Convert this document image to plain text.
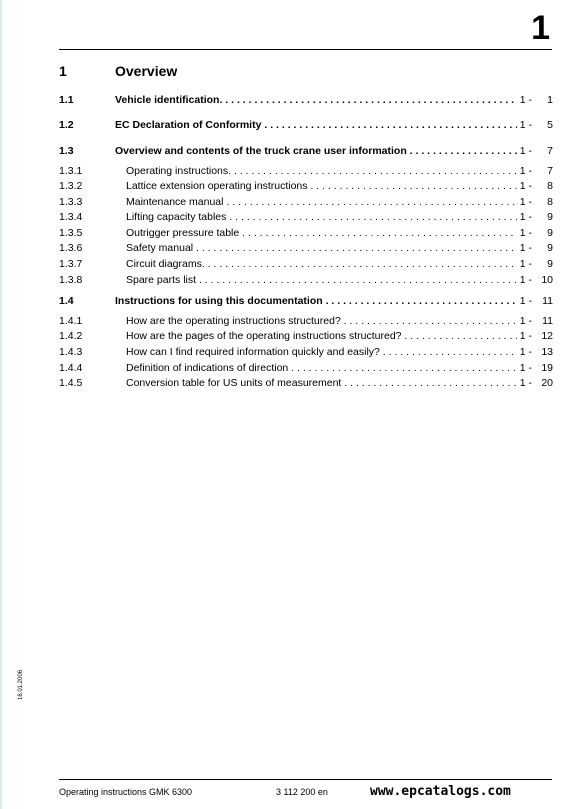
1
1	Overview
1.1	Vehicle identification. . . .	1 - 1
1.2	EC Declaration of Conformity . . .	1 - 5
1.3	Overview and contents of the truck crane user information . . .	1 - 7
1.3.1	Operating instructions. . . .	1 - 7
1.3.2	Lattice extension operating instructions . . .	1 - 8
1.3.3	Maintenance manual . . .	1 - 8
1.3.4	Lifting capacity tables . . .	1 - 9
1.3.5	Outrigger pressure table . . .	1 - 9
1.3.6	Safety manual . . .	1 - 9
1.3.7	Circuit diagrams. . . .	1 - 9
1.3.8	Spare parts list . . .	1 - 10
1.4	Instructions for using this documentation . . .	1 - 11
1.4.1	How are the operating instructions structured? . . .	1 - 11
1.4.2	How are the pages of the operating instructions structured? . . .	1 - 12
1.4.3	How can I find required information quickly and easily? . . .	1 - 13
1.4.4	Definition of indications of direction . . .	1 - 19
1.4.5	Conversion table for US units of measurement . . .	1 - 20
16.01.2006
Operating instructions GMK 6300	3 112 200 en	www.epcatalogs.com
